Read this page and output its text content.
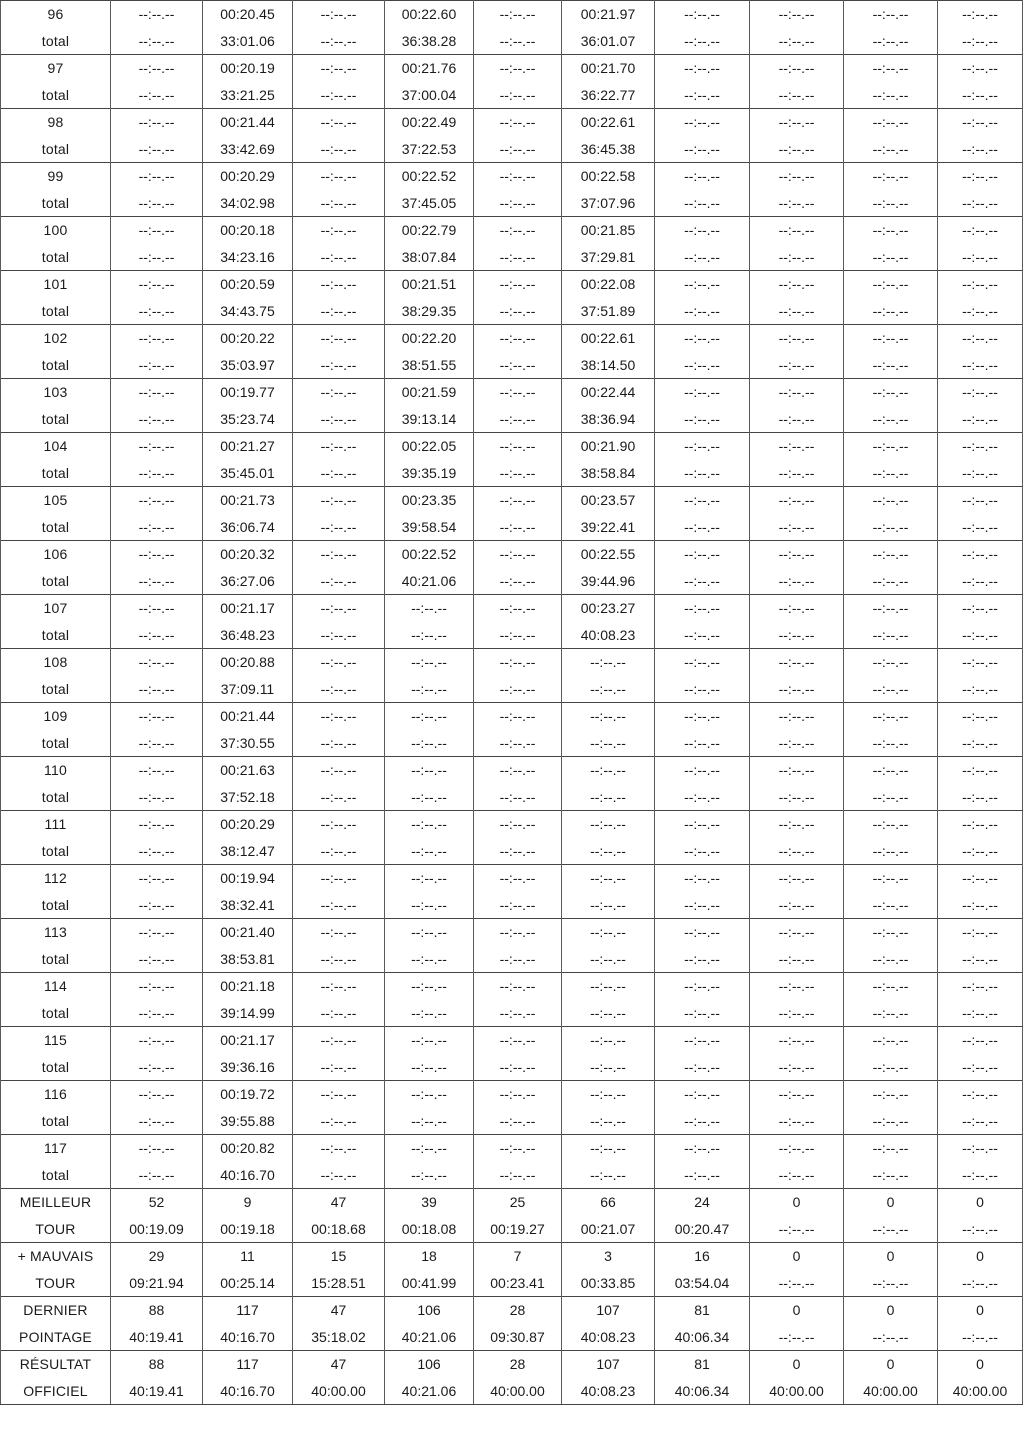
96	--:--.--	00:20.45	--:--.--	00:22.60	--:--.--	00:21.97	--:--.--	--:--.--	--:--.--	--:--.--
total	--:--.--	33:01.06	--:--.--	36:38.28	--:--.--	36:01.07	--:--.--	--:--.--	--:--.--	--:--.--
97	--:--.--	00:20.19	--:--.--	00:21.76	--:--.--	00:21.70	--:--.--	--:--.--	--:--.--	--:--.--
total	--:--.--	33:21.25	--:--.--	37:00.04	--:--.--	36:22.77	--:--.--	--:--.--	--:--.--	--:--.--
98	--:--.--	00:21.44	--:--.--	00:22.49	--:--.--	00:22.61	--:--.--	--:--.--	--:--.--	--:--.--
total	--:--.--	33:42.69	--:--.--	37:22.53	--:--.--	36:45.38	--:--.--	--:--.--	--:--.--	--:--.--
99	--:--.--	00:20.29	--:--.--	00:22.52	--:--.--	00:22.58	--:--.--	--:--.--	--:--.--	--:--.--
total	--:--.--	34:02.98	--:--.--	37:45.05	--:--.--	37:07.96	--:--.--	--:--.--	--:--.--	--:--.--
100	--:--.--	00:20.18	--:--.--	00:22.79	--:--.--	00:21.85	--:--.--	--:--.--	--:--.--	--:--.--
total	--:--.--	34:23.16	--:--.--	38:07.84	--:--.--	37:29.81	--:--.--	--:--.--	--:--.--	--:--.--
101	--:--.--	00:20.59	--:--.--	00:21.51	--:--.--	00:22.08	--:--.--	--:--.--	--:--.--	--:--.--
total	--:--.--	34:43.75	--:--.--	38:29.35	--:--.--	37:51.89	--:--.--	--:--.--	--:--.--	--:--.--
102	--:--.--	00:20.22	--:--.--	00:22.20	--:--.--	00:22.61	--:--.--	--:--.--	--:--.--	--:--.--
total	--:--.--	35:03.97	--:--.--	38:51.55	--:--.--	38:14.50	--:--.--	--:--.--	--:--.--	--:--.--
103	--:--.--	00:19.77	--:--.--	00:21.59	--:--.--	00:22.44	--:--.--	--:--.--	--:--.--	--:--.--
total	--:--.--	35:23.74	--:--.--	39:13.14	--:--.--	38:36.94	--:--.--	--:--.--	--:--.--	--:--.--
104	--:--.--	00:21.27	--:--.--	00:22.05	--:--.--	00:21.90	--:--.--	--:--.--	--:--.--	--:--.--
total	--:--.--	35:45.01	--:--.--	39:35.19	--:--.--	38:58.84	--:--.--	--:--.--	--:--.--	--:--.--
105	--:--.--	00:21.73	--:--.--	00:23.35	--:--.--	00:23.57	--:--.--	--:--.--	--:--.--	--:--.--
total	--:--.--	36:06.74	--:--.--	39:58.54	--:--.--	39:22.41	--:--.--	--:--.--	--:--.--	--:--.--
106	--:--.--	00:20.32	--:--.--	00:22.52	--:--.--	00:22.55	--:--.--	--:--.--	--:--.--	--:--.--
total	--:--.--	36:27.06	--:--.--	40:21.06	--:--.--	39:44.96	--:--.--	--:--.--	--:--.--	--:--.--
107	--:--.--	00:21.17	--:--.--	--:--.--	--:--.--	00:23.27	--:--.--	--:--.--	--:--.--	--:--.--
total	--:--.--	36:48.23	--:--.--	--:--.--	--:--.--	40:08.23	--:--.--	--:--.--	--:--.--	--:--.--
108	--:--.--	00:20.88	--:--.--	--:--.--	--:--.--	--:--.--	--:--.--	--:--.--	--:--.--	--:--.--
total	--:--.--	37:09.11	--:--.--	--:--.--	--:--.--	--:--.--	--:--.--	--:--.--	--:--.--	--:--.--
109	--:--.--	00:21.44	--:--.--	--:--.--	--:--.--	--:--.--	--:--.--	--:--.--	--:--.--	--:--.--
total	--:--.--	37:30.55	--:--.--	--:--.--	--:--.--	--:--.--	--:--.--	--:--.--	--:--.--	--:--.--
110	--:--.--	00:21.63	--:--.--	--:--.--	--:--.--	--:--.--	--:--.--	--:--.--	--:--.--	--:--.--
total	--:--.--	37:52.18	--:--.--	--:--.--	--:--.--	--:--.--	--:--.--	--:--.--	--:--.--	--:--.--
111	--:--.--	00:20.29	--:--.--	--:--.--	--:--.--	--:--.--	--:--.--	--:--.--	--:--.--	--:--.--
total	--:--.--	38:12.47	--:--.--	--:--.--	--:--.--	--:--.--	--:--.--	--:--.--	--:--.--	--:--.--
112	--:--.--	00:19.94	--:--.--	--:--.--	--:--.--	--:--.--	--:--.--	--:--.--	--:--.--	--:--.--
total	--:--.--	38:32.41	--:--.--	--:--.--	--:--.--	--:--.--	--:--.--	--:--.--	--:--.--	--:--.--
113	--:--.--	00:21.40	--:--.--	--:--.--	--:--.--	--:--.--	--:--.--	--:--.--	--:--.--	--:--.--
total	--:--.--	38:53.81	--:--.--	--:--.--	--:--.--	--:--.--	--:--.--	--:--.--	--:--.--	--:--.--
114	--:--.--	00:21.18	--:--.--	--:--.--	--:--.--	--:--.--	--:--.--	--:--.--	--:--.--	--:--.--
total	--:--.--	39:14.99	--:--.--	--:--.--	--:--.--	--:--.--	--:--.--	--:--.--	--:--.--	--:--.--
115	--:--.--	00:21.17	--:--.--	--:--.--	--:--.--	--:--.--	--:--.--	--:--.--	--:--.--	--:--.--
total	--:--.--	39:36.16	--:--.--	--:--.--	--:--.--	--:--.--	--:--.--	--:--.--	--:--.--	--:--.--
116	--:--.--	00:19.72	--:--.--	--:--.--	--:--.--	--:--.--	--:--.--	--:--.--	--:--.--	--:--.--
total	--:--.--	39:55.88	--:--.--	--:--.--	--:--.--	--:--.--	--:--.--	--:--.--	--:--.--	--:--.--
117	--:--.--	00:20.82	--:--.--	--:--.--	--:--.--	--:--.--	--:--.--	--:--.--	--:--.--	--:--.--
total	--:--.--	40:16.70	--:--.--	--:--.--	--:--.--	--:--.--	--:--.--	--:--.--	--:--.--	--:--.--
MEILLEUR	52	9	47	39	25	66	24	0	0	0
TOUR	00:19.09	00:19.18	00:18.68	00:18.08	00:19.27	00:21.07	00:20.47	--:--.--	--:--.--	--:--.--
+ MAUVAIS	29	11	15	18	7	3	16	0	0	0
TOUR	09:21.94	00:25.14	15:28.51	00:41.99	00:23.41	00:33.85	03:54.04	--:--.--	--:--.--	--:--.--
DERNIER	88	117	47	106	28	107	81	0	0	0
POINTAGE	40:19.41	40:16.70	35:18.02	40:21.06	09:30.87	40:08.23	40:06.34	--:--.--	--:--.--	--:--.--
RÉSULTAT	88	117	47	106	28	107	81	0	0	0
OFFICIEL	40:19.41	40:16.70	40:00.00	40:21.06	40:00.00	40:08.23	40:06.34	40:00.00	40:00.00	40:00.00
